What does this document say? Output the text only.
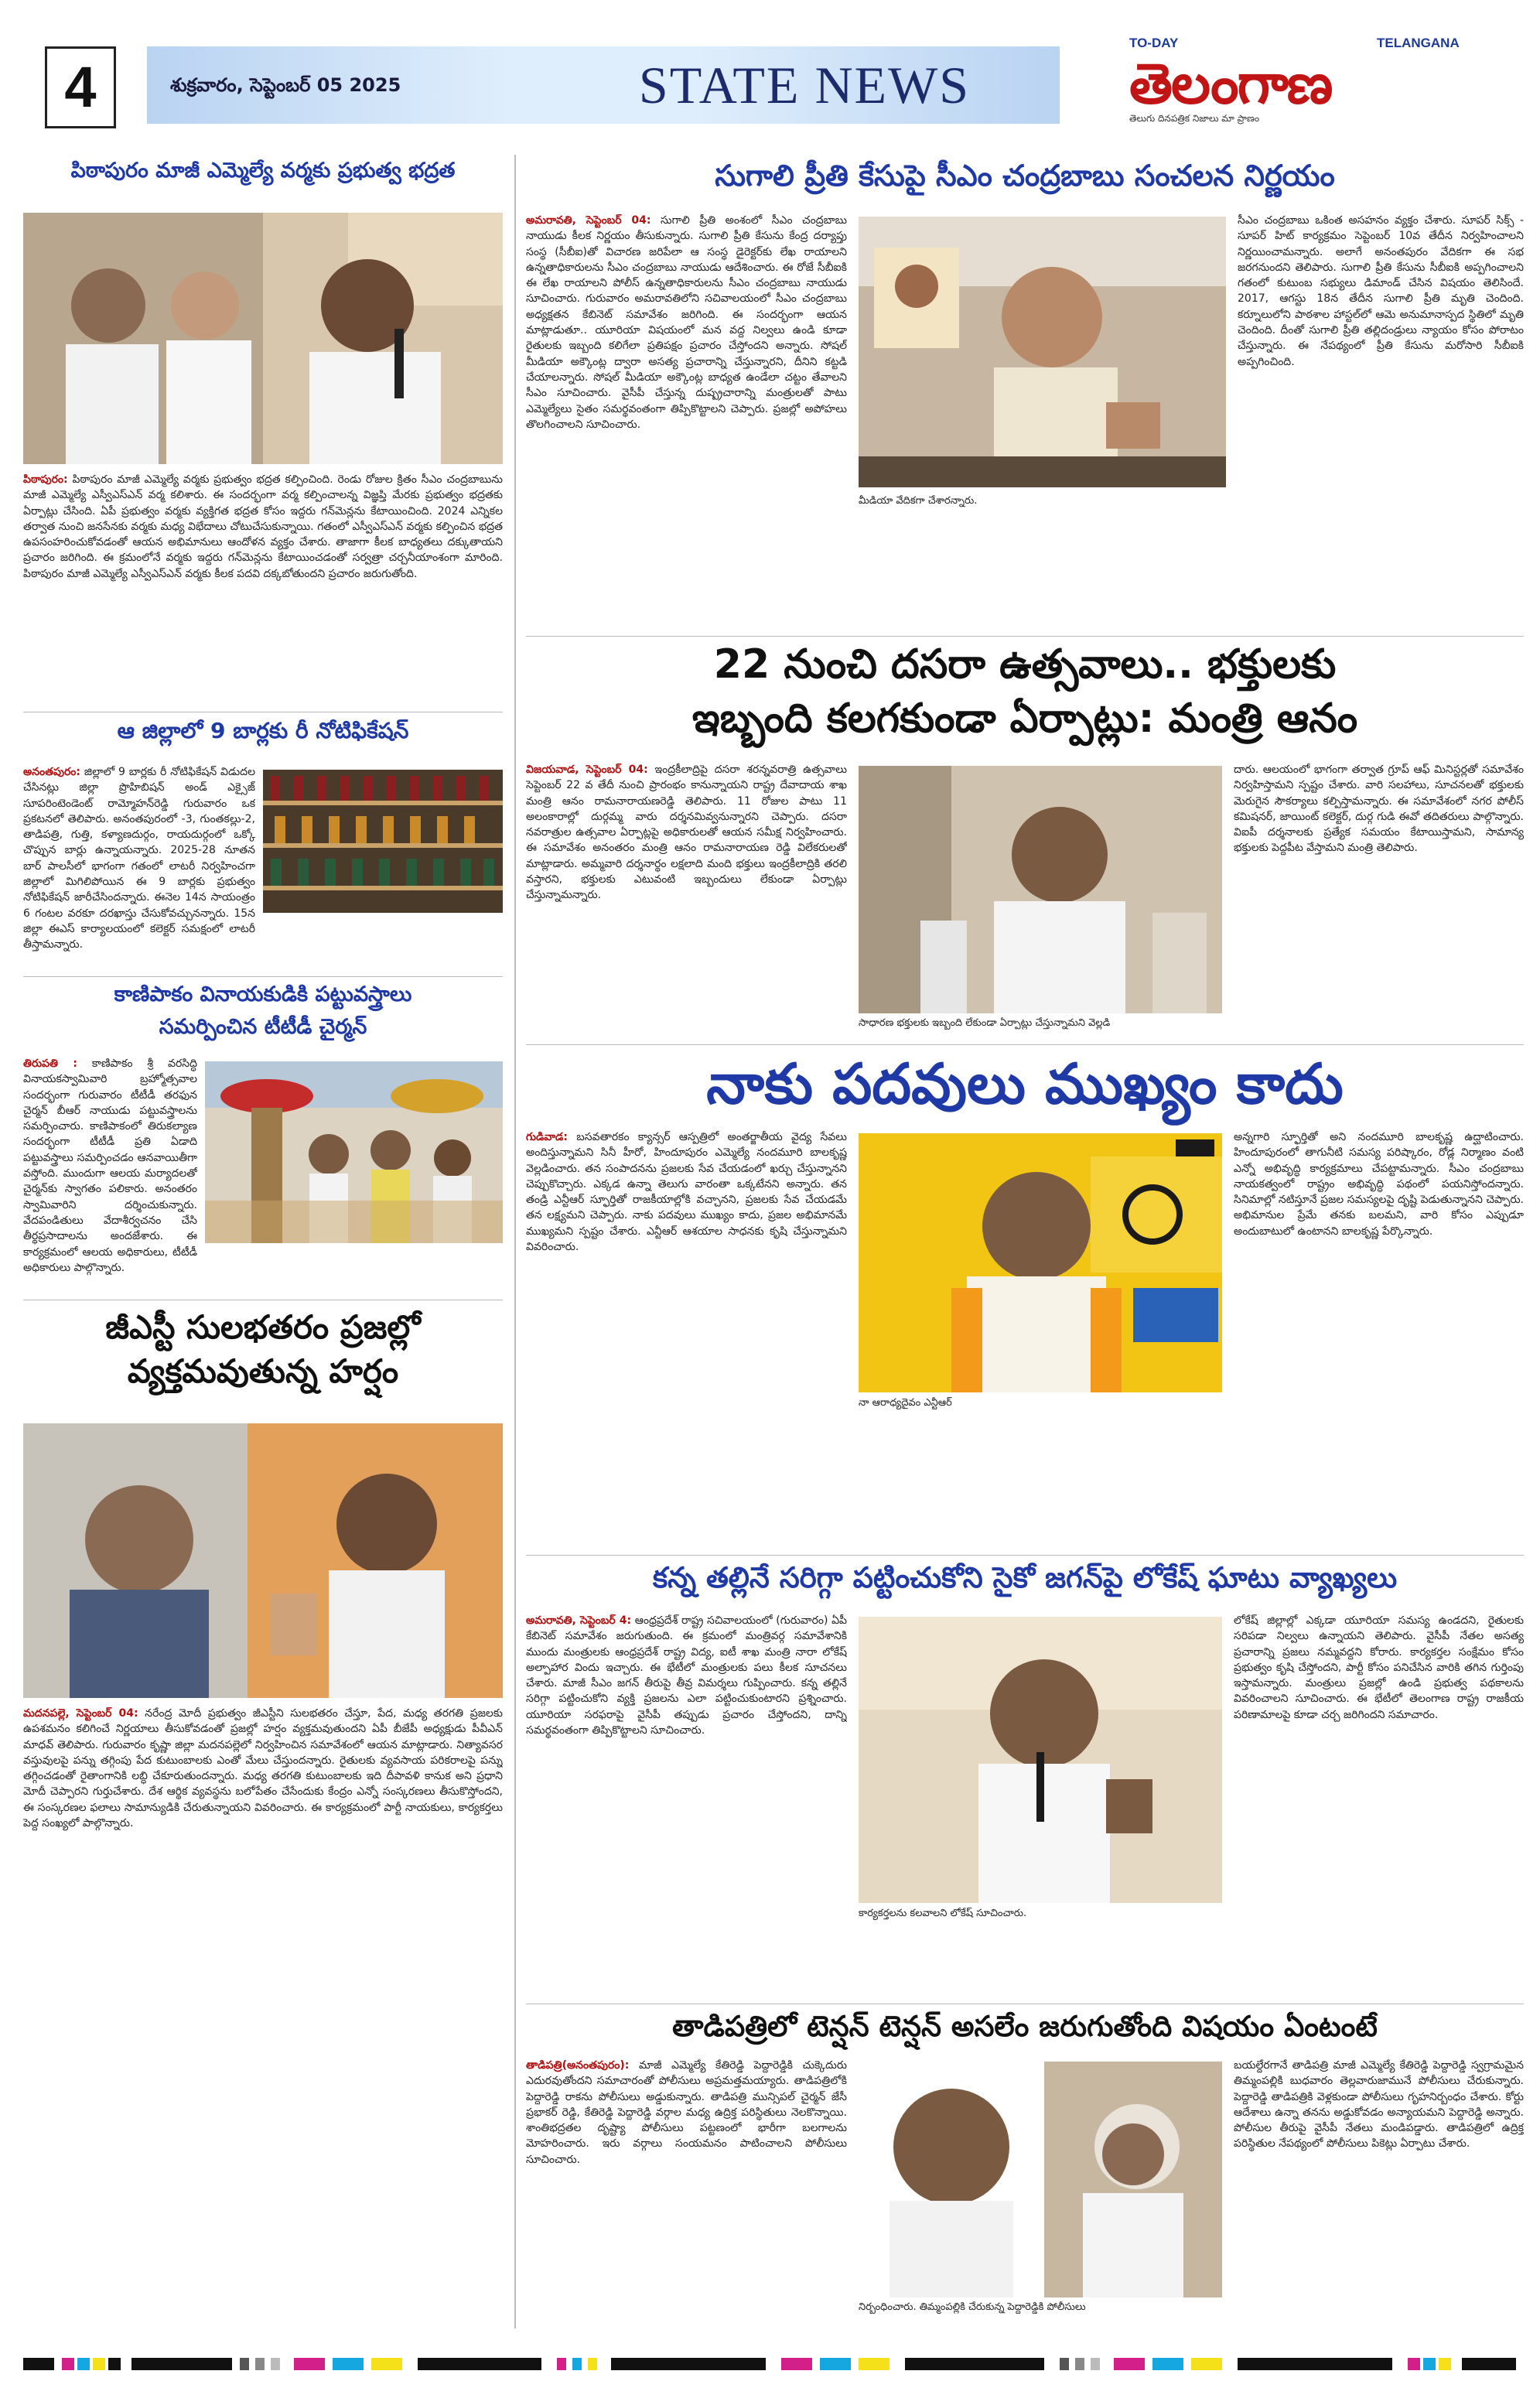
4	శుక్రవారం, సెప్టెంబర్ 05 2025	STATE NEWS
TO-DAY	TELANGANA
తెలంగాణ
తెలుగు దినపత్రిక నిజాలు మా ప్రాణం
పిఠాపురం మాజీ ఎమ్మెల్యే వర్మకు ప్రభుత్వ భద్రత
పిఠాపురం: పిఠాపురం మాజీ ఎమ్మెల్యే వర్మకు ప్రభుత్వం భద్రత కల్పించింది. రెండు రోజుల క్రితం సీఎం చంద్రబాబును మాజీ ఎమ్మెల్యే ఎస్వీఎస్ఎన్ వర్మ కలిశారు. ఈ సందర్భంగా వర్మ కల్పించాలన్న విజ్ఞప్తి మేరకు ప్రభుత్వం భద్రతకు ఏర్పాట్లు చేసింది. ఏపీ ప్రభుత్వం వర్మకు వ్యక్తిగత భద్రత కోసం ఇద్దరు గన్‌మెన్లను కేటాయించింది. 2024 ఎన్నికల తర్వాత నుంచి జనసేనకు వర్మకు మధ్య విభేదాలు చోటుచేసుకున్నాయి. గతంలో ఎస్వీఎస్ఎన్ వర్మకు కల్పించిన భద్రత ఉపసంహరించుకోవడంతో ఆయన అభిమానులు ఆందోళన వ్యక్తం చేశారు. తాజాగా కీలక బాధ్యతలు దక్కుతాయని ప్రచారం జరిగింది. ఈ క్రమంలోనే వర్మకు ఇద్దరు గన్‌మెన్లను కేటాయించడంతో సర్వత్రా చర్చనీయాంశంగా మారింది. పిఠాపురం మాజీ ఎమ్మెల్యే ఎస్వీఎస్ఎన్ వర్మకు కీలక పదవి దక్కబోతుందని ప్రచారం జరుగుతోంది.
ఆ జిల్లాలో 9 బార్లకు రీ నోటిఫికేషన్
అనంతపురం: జిల్లాలో 9 బార్లకు రీ నోటిఫికేషన్ విడుదల చేసినట్లు జిల్లా ప్రొహిబిషన్ అండ్ ఎక్సైజ్ సూపరింటెండెంట్ రామ్మోహన్‌రెడ్డి గురువారం ఒక ప్రకటనలో తెలిపారు. అనంతపురంలో -3, గుంతకల్లు-2, తాడిపత్రి, గుత్తి, కళ్యాణదుర్గం, రాయదుర్గంలో ఒక్కో చొప్పున బార్లు ఉన్నాయన్నారు. 2025-28 నూతన బార్ పాలసీలో భాగంగా గతంలో లాటరీ నిర్వహించగా జిల్లాలో మిగిలిపోయిన ఈ 9 బార్లకు ప్రభుత్వం నోటిఫికేషన్ జారీచేసిందన్నారు. ఈనెల 14న సాయంత్రం 6 గంటల వరకూ దరఖాస్తు చేసుకోవచ్చునన్నారు. 15న జిల్లా ఈఎస్ కార్యాలయంలో కలెక్టర్ సమక్షంలో లాటరీ తీస్తామన్నారు.
కాణిపాకం వినాయకుడికి పట్టువస్త్రాలు
సమర్పించిన టీటీడీ చైర్మన్
తిరుపతి : కాణిపాకం శ్రీ వరసిద్ధి వినాయకస్వామివారి బ్రహ్మోత్సవాల సందర్భంగా గురువారం టీటీడీ తరఫున చైర్మన్ బీఆర్ నాయుడు పట్టువస్త్రాలను సమర్పించారు. కాణిపాకంలో తిరుకల్యాణ సందర్భంగా టీటీడీ ప్రతి ఏడాది పట్టువస్త్రాలు సమర్పించడం ఆనవాయితీగా వస్తోంది. ముందుగా ఆలయ మర్యాదలతో చైర్మన్‌కు స్వాగతం పలికారు. అనంతరం స్వామివారిని దర్శించుకున్నారు. వేదపండితులు వేదాశీర్వచనం చేసి తీర్థప్రసాదాలను అందజేశారు. ఈ కార్యక్రమంలో ఆలయ అధికారులు, టీటీడీ అధికారులు పాల్గొన్నారు.
జీఎస్టీ సులభతరం ప్రజల్లో వ్యక్తమవుతున్న హర్షం
మదనపల్లె, సెప్టెంబర్ 04: నరేంద్ర మోదీ ప్రభుత్వం జీఎస్టీని సులభతరం చేస్తూ, పేద, మధ్య తరగతి ప్రజలకు ఉపశమనం కలిగించే నిర్ణయాలు తీసుకోవడంతో ప్రజల్లో హర్షం వ్యక్తమవుతుందని ఏపీ బీజేపీ అధ్యక్షుడు పీవీఎన్ మాధవ్ తెలిపారు. గురువారం కృష్ణా జిల్లా మదనపల్లెలో నిర్వహించిన సమావేశంలో ఆయన మాట్లాడారు. నిత్యావసర వస్తువులపై పన్ను తగ్గింపు పేద కుటుంబాలకు ఎంతో మేలు చేస్తుందన్నారు. రైతులకు వ్యవసాయ పరికరాలపై పన్ను తగ్గించడంతో రైతాంగానికి లబ్ధి చేకూరుతుందన్నారు. మధ్య తరగతి కుటుంబాలకు ఇది దీపావళి కానుక అని ప్రధాని మోదీ చెప్పారని గుర్తుచేశారు. దేశ ఆర్థిక వ్యవస్థను బలోపేతం చేసేందుకు కేంద్రం ఎన్నో సంస్కరణలు తీసుకొస్తోందని, ఈ సంస్కరణల ఫలాలు సామాన్యుడికి చేరుతున్నాయని వివరించారు. ఈ కార్యక్రమంలో పార్టీ నాయకులు, కార్యకర్తలు పెద్ద సంఖ్యలో పాల్గొన్నారు.
సుగాలి ప్రీతి కేసుపై సీఎం చంద్రబాబు సంచలన నిర్ణయం
అమరావతి, సెప్టెంబర్ 04: సుగాలి ప్రీతి అంశంలో సీఎం చంద్రబాబు నాయుడు కీలక నిర్ణయం తీసుకున్నారు. సుగాలి ప్రీతి కేసును కేంద్ర దర్యాప్తు సంస్థ (సీబీఐ)తో విచారణ జరిపేలా ఆ సంస్థ డైరెక్టర్‌కు లేఖ రాయాలని ఉన్నతాధికారులను సీఎం చంద్రబాబు నాయుడు ఆదేశించారు. ఈ రోజే సీబీఐకి ఈ లేఖ రాయాలని పోలీస్ ఉన్నతాధికారులను సీఎం చంద్రబాబు నాయుడు సూచించారు. గురువారం అమరావతిలోని సచివాలయంలో సీఎం చంద్రబాబు అధ్యక్షతన కేబినెట్ సమావేశం జరిగింది. ఈ సందర్భంగా ఆయన మాట్లాడుతూ.. యూరియా విషయంలో మన వద్ద నిల్వలు ఉండి కూడా రైతులకు ఇబ్బంది కలిగేలా ప్రతిపక్షం ప్రచారం చేస్తోందని అన్నారు. సోషల్ మీడియా అక్కౌంట్ల ద్వారా అసత్య ప్రచారాన్ని చేస్తున్నారని, దీనిని కట్టడి చేయాలన్నారు. సోషల్ మీడియా అక్కౌంట్ల బాధ్యత ఉండేలా చట్టం తేవాలని సీఎం సూచించారు. వైసీపీ చేస్తున్న దుష్ప్రచారాన్ని మంత్రులతో పాటు ఎమ్మెల్యేలు సైతం సమర్థవంతంగా తిప్పికొట్టాలని చెప్పారు. ప్రజల్లో అపోహలు తొలగించాలని సూచించారు.
మీడియా వేదికగా చేశారన్నారు.
సీఎం చంద్రబాబు ఒకింత అసహనం వ్యక్తం చేశారు. సూపర్ సిక్స్ - సూపర్ హిట్ కార్యక్రమం సెప్టెంబర్ 10వ తేదీన నిర్వహించాలని నిర్ణయించామన్నారు. అలాగే అనంతపురం వేదికగా ఈ సభ జరగనుందని తెలిపారు. సుగాలి ప్రీతి కేసును సీబీఐకి అప్పగించాలని గతంలో కుటుంబ సభ్యులు డిమాండ్ చేసిన విషయం తెలిసిందే. 2017, ఆగస్టు 18న తేదీన సుగాలి ప్రీతి మృతి చెందింది. కర్నూలులోని పాఠశాల హాస్టల్‌లో ఆమె అనుమానాస్పద స్థితిలో మృతి చెందింది. దీంతో సుగాలి ప్రీతి తల్లిదండ్రులు న్యాయం కోసం పోరాటం చేస్తున్నారు. ఈ నేపథ్యంలో ప్రీతి కేసును మరోసారి సీబీఐకి అప్పగించింది.
22 నుంచి దసరా ఉత్సవాలు.. భక్తులకు
ఇబ్బంది కలగకుండా ఏర్పాట్లు: మంత్రి ఆనం
విజయవాడ, సెప్టెంబర్ 04: ఇంద్రకీలాద్రిపై దసరా శరన్నవరాత్రి ఉత్సవాలు సెప్టెంబర్ 22 వ తేదీ నుంచి ప్రారంభం కానున్నాయని రాష్ట్ర దేవాదాయ శాఖ మంత్రి ఆనం రామనారాయణరెడ్డి తెలిపారు. 11 రోజుల పాటు 11 అలంకారాల్లో దుర్గమ్మ వారు దర్శనమివ్వనున్నారని చెప్పారు. దసరా నవరాత్రుల ఉత్సవాల ఏర్పాట్లపై అధికారులతో ఆయన సమీక్ష నిర్వహించారు. ఈ సమావేశం అనంతరం మంత్రి ఆనం రామనారాయణ రెడ్డి విలేకరులతో మాట్లాడారు. అమ్మవారి దర్శనార్థం లక్షలాది మంది భక్తులు ఇంద్రకీలాద్రికి తరలి వస్తారని, భక్తులకు ఎటువంటి ఇబ్బందులు లేకుండా ఏర్పాట్లు చేస్తున్నామన్నారు.
సాధారణ భక్తులకు ఇబ్బంది లేకుండా ఏర్పాట్లు చేస్తున్నామని వెల్లడి
దారు. ఆలయంలో భాగంగా తర్వాత గ్రూప్ ఆఫ్ మినిస్టర్లతో సమావేశం నిర్వహిస్తామని స్పష్టం చేశారు. వారి సలహాలు, సూచనలతో భక్తులకు మెరుగైన సౌకర్యాలు కల్పిస్తామన్నారు. ఈ సమావేశంలో నగర పోలీస్ కమిషనర్, జాయింట్ కలెక్టర్, దుర్గ గుడి ఈవో తదితరులు పాల్గొన్నారు. విఐపీ దర్శనాలకు ప్రత్యేక సమయం కేటాయిస్తామని, సామాన్య భక్తులకు పెద్దపీట వేస్తామని మంత్రి తెలిపారు.
నాకు పదవులు ముఖ్యం కాదు
గుడివాడ: బసవతారకం క్యాన్సర్ ఆస్పత్రిలో అంతర్జాతీయ వైద్య సేవలు అందిస్తున్నామని సినీ హీరో, హిందూపురం ఎమ్మెల్యే నందమూరి బాలకృష్ణ వెల్లడించారు. తన సంపాదనను ప్రజలకు సేవ చేయడంలో ఖర్చు చేస్తున్నానని చెప్పుకొచ్చారు. ఎక్కడ ఉన్నా తెలుగు వారంతా ఒక్కటేనని అన్నారు. తన తండ్రి ఎన్టీఆర్ స్ఫూర్తితో రాజకీయాల్లోకి వచ్చానని, ప్రజలకు సేవ చేయడమే తన లక్ష్యమని చెప్పారు. నాకు పదవులు ముఖ్యం కాదు, ప్రజల అభిమానమే ముఖ్యమని స్పష్టం చేశారు. ఎన్టీఆర్ ఆశయాల సాధనకు కృషి చేస్తున్నామని వివరించారు.
నా ఆరాధ్యదైవం ఎన్టీఆర్
అన్నగారి స్ఫూర్తితో అని నందమూరి బాలకృష్ణ ఉద్ఘాటించారు. హిందూపురంలో తాగునీటి సమస్య పరిష్కారం, రోడ్ల నిర్మాణం వంటి ఎన్నో అభివృద్ధి కార్యక్రమాలు చేపట్టామన్నారు. సీఎం చంద్రబాబు నాయకత్వంలో రాష్ట్రం అభివృద్ధి పథంలో పయనిస్తోందన్నారు. సినిమాల్లో నటిస్తూనే ప్రజల సమస్యలపై దృష్టి పెడుతున్నానని చెప్పారు. అభిమానుల ప్రేమే తనకు బలమని, వారి కోసం ఎప్పుడూ అందుబాటులో ఉంటానని బాలకృష్ణ పేర్కొన్నారు.
కన్న తల్లినే సరిగ్గా పట్టించుకోని సైకో జగన్‌పై లోకేష్ ఘాటు వ్యాఖ్యలు
అమరావతి, సెప్టెంబర్ 4: ఆంధ్రప్రదేశ్ రాష్ట్ర సచివాలయంలో (గురువారం) ఏపీ కేబినెట్ సమావేశం జరుగుతుంది. ఈ క్రమంలో మంత్రివర్గ సమావేశానికి ముందు మంత్రులకు ఆంధ్రప్రదేశ్ రాష్ట్ర విద్య, ఐటీ శాఖ మంత్రి నారా లోకేష్ అల్పాహార విందు ఇచ్చారు. ఈ భేటీలో మంత్రులకు పలు కీలక సూచనలు చేశారు. మాజీ సీఎం జగన్ తీరుపై తీవ్ర విమర్శలు గుప్పించారు. కన్న తల్లినే సరిగ్గా పట్టించుకోని వ్యక్తి ప్రజలను ఎలా పట్టించుకుంటారని ప్రశ్నించారు. యూరియా సరఫరాపై వైసీపీ తప్పుడు ప్రచారం చేస్తోందని, దాన్ని సమర్థవంతంగా తిప్పికొట్టాలని సూచించారు.
కార్యకర్తలను కలవాలని లోకేష్ సూచించారు.
లోకేష్ జిల్లాల్లో ఎక్కడా యూరియా సమస్య ఉండదని, రైతులకు సరిపడా నిల్వలు ఉన్నాయని తెలిపారు. వైసీపీ నేతల అసత్య ప్రచారాన్ని ప్రజలు నమ్మవద్దని కోరారు. కార్యకర్తల సంక్షేమం కోసం ప్రభుత్వం కృషి చేస్తోందని, పార్టీ కోసం పనిచేసిన వారికి తగిన గుర్తింపు ఇస్తామన్నారు. మంత్రులు ప్రజల్లో ఉండి ప్రభుత్వ పథకాలను వివరించాలని సూచించారు. ఈ భేటీలో తెలంగాణ రాష్ట్ర రాజకీయ పరిణామాలపై కూడా చర్చ జరిగిందని సమాచారం.
తాడిపత్రిలో టెన్షన్ టెన్షన్ అసలేం జరుగుతోంది విషయం ఏంటంటే
తాడిపత్రి(అనంతపురం): మాజీ ఎమ్మెల్యే కేతిరెడ్డి పెద్దారెడ్డికి చుక్కెదురు ఎదురవుతోందని సమాచారంతో పోలీసులు అప్రమత్తమయ్యారు. తాడిపత్రిలోకి పెద్దారెడ్డి రాకను పోలీసులు అడ్డుకున్నారు. తాడిపత్రి మున్సిపల్ చైర్మన్ జేసీ ప్రభాకర్ రెడ్డి, కేతిరెడ్డి పెద్దారెడ్డి వర్గాల మధ్య ఉద్రిక్త పరిస్థితులు నెలకొన్నాయి. శాంతిభద్రతల దృష్ట్యా పోలీసులు పట్టణంలో భారీగా బలగాలను మోహరించారు. ఇరు వర్గాలు సంయమనం పాటించాలని పోలీసులు సూచించారు.
నిర్బంధించారు. తిమ్మంపల్లికి చేరుకున్న పెద్దారెడ్డికి పోలీసులు
బయల్దేరగానే తాడిపత్రి మాజీ ఎమ్మెల్యే కేతిరెడ్డి పెద్దారెడ్డి స్వగ్రామమైన తిమ్మంపల్లికి బుధవారం తెల్లవారుజామునే పోలీసులు చేరుకున్నారు. పెద్దారెడ్డి తాడిపత్రికి వెళ్లకుండా పోలీసులు గృహనిర్బంధం చేశారు. కోర్టు ఆదేశాలు ఉన్నా తనను అడ్డుకోవడం అన్యాయమని పెద్దారెడ్డి అన్నారు. పోలీసుల తీరుపై వైసీపీ నేతలు మండిపడ్డారు. తాడిపత్రిలో ఉద్రిక్త పరిస్థితుల నేపథ్యంలో పోలీసులు పికెట్లు ఏర్పాటు చేశారు.
